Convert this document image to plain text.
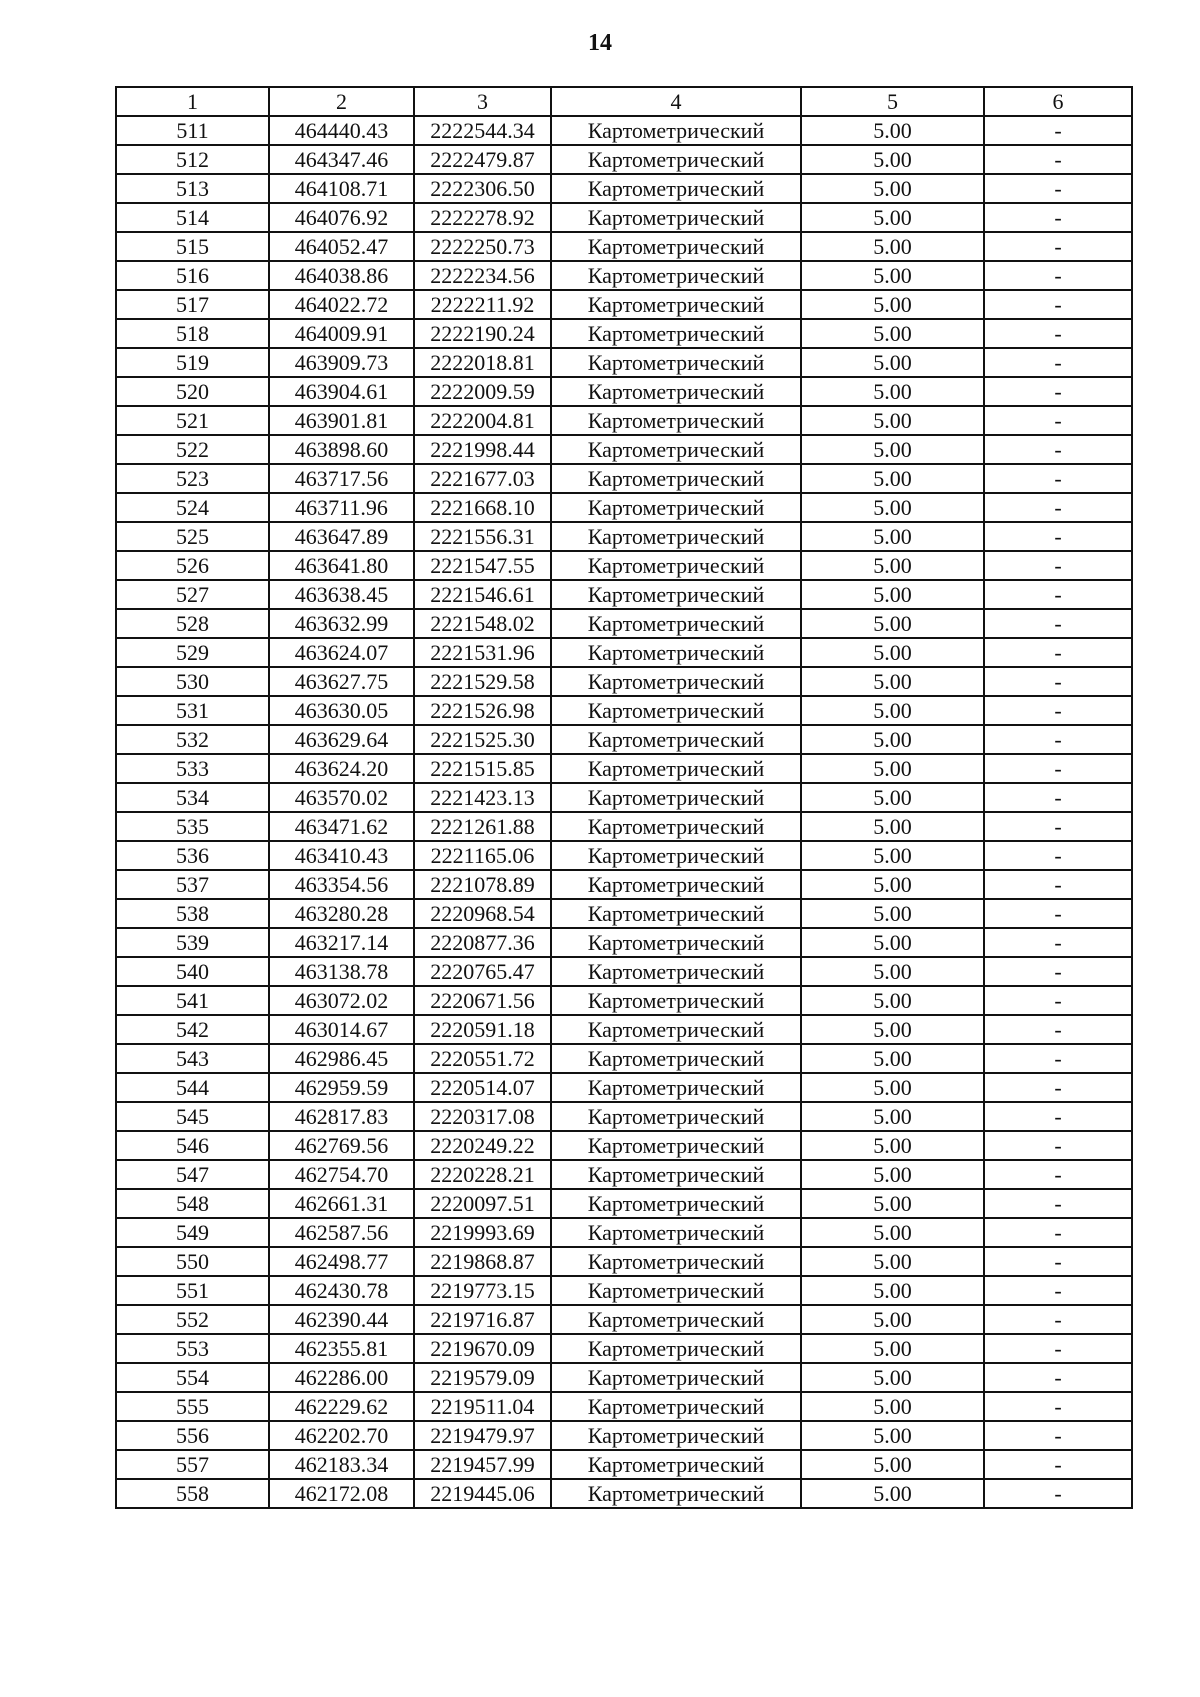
14
1	2	3	4	5	6
511	464440.43	2222544.34	Картометрический	5.00	-
512	464347.46	2222479.87	Картометрический	5.00	-
513	464108.71	2222306.50	Картометрический	5.00	-
514	464076.92	2222278.92	Картометрический	5.00	-
515	464052.47	2222250.73	Картометрический	5.00	-
516	464038.86	2222234.56	Картометрический	5.00	-
517	464022.72	2222211.92	Картометрический	5.00	-
518	464009.91	2222190.24	Картометрический	5.00	-
519	463909.73	2222018.81	Картометрический	5.00	-
520	463904.61	2222009.59	Картометрический	5.00	-
521	463901.81	2222004.81	Картометрический	5.00	-
522	463898.60	2221998.44	Картометрический	5.00	-
523	463717.56	2221677.03	Картометрический	5.00	-
524	463711.96	2221668.10	Картометрический	5.00	-
525	463647.89	2221556.31	Картометрический	5.00	-
526	463641.80	2221547.55	Картометрический	5.00	-
527	463638.45	2221546.61	Картометрический	5.00	-
528	463632.99	2221548.02	Картометрический	5.00	-
529	463624.07	2221531.96	Картометрический	5.00	-
530	463627.75	2221529.58	Картометрический	5.00	-
531	463630.05	2221526.98	Картометрический	5.00	-
532	463629.64	2221525.30	Картометрический	5.00	-
533	463624.20	2221515.85	Картометрический	5.00	-
534	463570.02	2221423.13	Картометрический	5.00	-
535	463471.62	2221261.88	Картометрический	5.00	-
536	463410.43	2221165.06	Картометрический	5.00	-
537	463354.56	2221078.89	Картометрический	5.00	-
538	463280.28	2220968.54	Картометрический	5.00	-
539	463217.14	2220877.36	Картометрический	5.00	-
540	463138.78	2220765.47	Картометрический	5.00	-
541	463072.02	2220671.56	Картометрический	5.00	-
542	463014.67	2220591.18	Картометрический	5.00	-
543	462986.45	2220551.72	Картометрический	5.00	-
544	462959.59	2220514.07	Картометрический	5.00	-
545	462817.83	2220317.08	Картометрический	5.00	-
546	462769.56	2220249.22	Картометрический	5.00	-
547	462754.70	2220228.21	Картометрический	5.00	-
548	462661.31	2220097.51	Картометрический	5.00	-
549	462587.56	2219993.69	Картометрический	5.00	-
550	462498.77	2219868.87	Картометрический	5.00	-
551	462430.78	2219773.15	Картометрический	5.00	-
552	462390.44	2219716.87	Картометрический	5.00	-
553	462355.81	2219670.09	Картометрический	5.00	-
554	462286.00	2219579.09	Картометрический	5.00	-
555	462229.62	2219511.04	Картометрический	5.00	-
556	462202.70	2219479.97	Картометрический	5.00	-
557	462183.34	2219457.99	Картометрический	5.00	-
558	462172.08	2219445.06	Картометрический	5.00	-
